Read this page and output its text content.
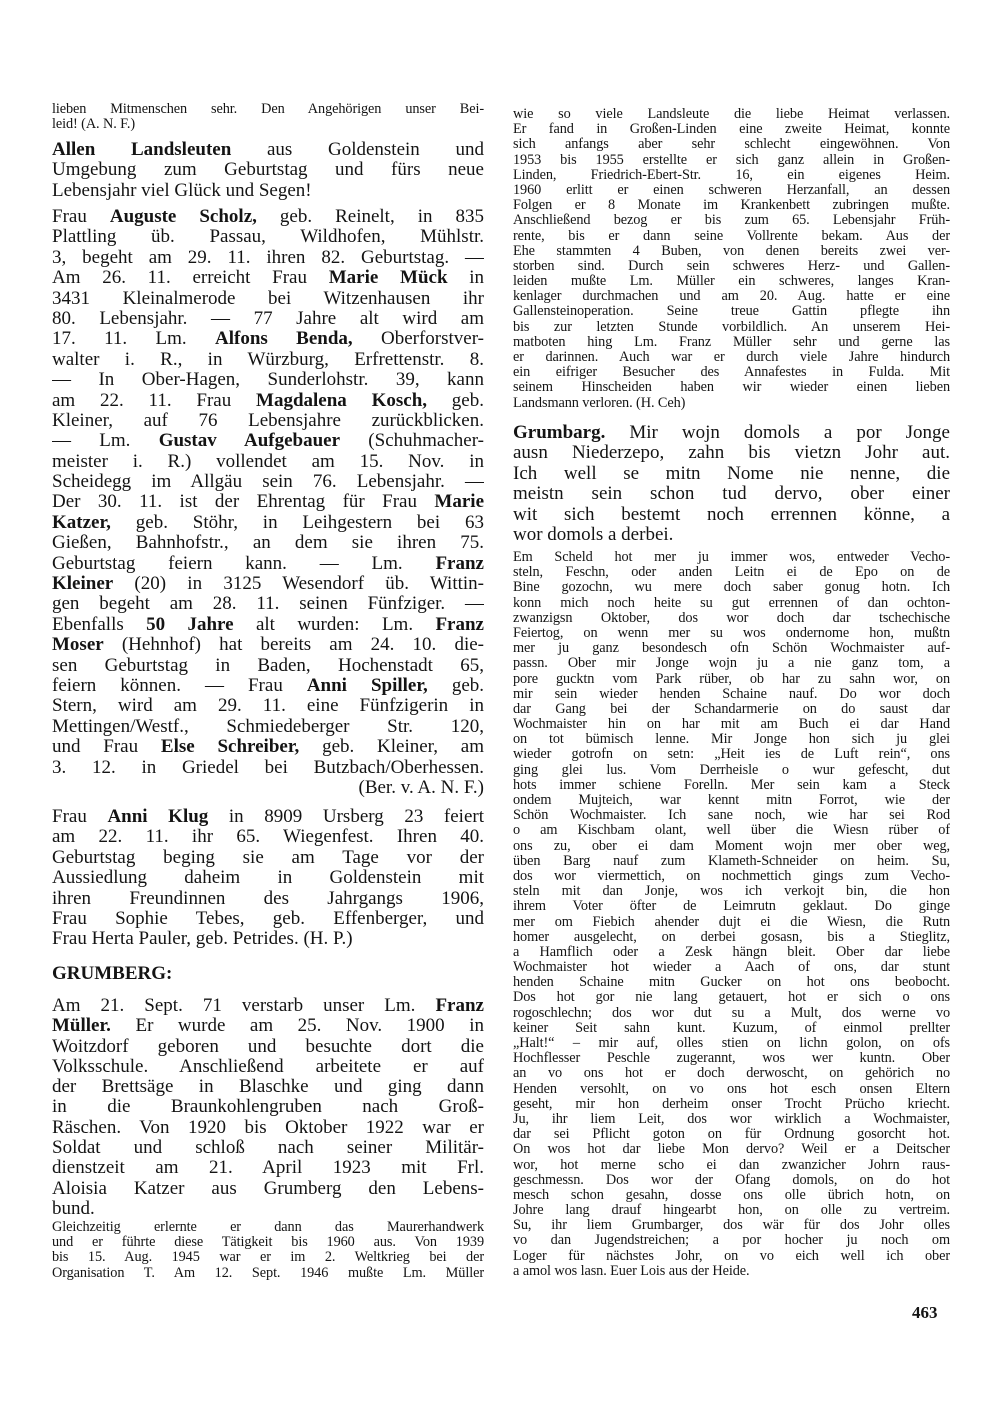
lieben Mitmenschen sehr. Den Angehörigen unser Bei-
leid! (A. N. F.)
Allen Landsleuten aus Goldenstein und
Umgebung zum Geburtstag und fürs neue
Lebensjahr viel Glück und Segen!
Frau Auguste Scholz, geb. Reinelt, in 835
Plattling üb. Passau, Wildhofen, Mühlstr.
3, begeht am 29. 11. ihren 82. Geburtstag. —
Am 26. 11. erreicht Frau Marie Mück in
3431 Kleinalmerode bei Witzenhausen ihr
80. Lebensjahr. — 77 Jahre alt wird am
17. 11. Lm. Alfons Benda, Oberforstver-
walter i. R., in Würzburg, Erfrettenstr. 8.
— In Ober-Hagen, Sunderlohstr. 39, kann
am 22. 11. Frau Magdalena Kosch, geb.
Kleiner, auf 76 Lebensjahre zurückblicken.
— Lm. Gustav Aufgebauer (Schuhmacher-
meister i. R.) vollendet am 15. Nov. in
Scheidegg im Allgäu sein 76. Lebensjahr. —
Der 30. 11. ist der Ehrentag für Frau Marie
Katzer, geb. Stöhr, in Leihgestern bei 63
Gießen, Bahnhofstr., an dem sie ihren 75.
Geburtstag feiern kann. — Lm. Franz
Kleiner (20) in 3125 Wesendorf üb. Wittin-
gen begeht am 28. 11. seinen Fünfziger. —
Ebenfalls 50 Jahre alt wurden: Lm. Franz
Moser (Hehnhof) hat bereits am 24. 10. die-
sen Geburtstag in Baden, Hochenstadt 65,
feiern können. — Frau Anni Spiller, geb.
Stern, wird am 29. 11. eine Fünfzigerin in
Mettingen/Westf., Schmiedeberger Str. 120,
und Frau Else Schreiber, geb. Kleiner, am
3. 12. in Griedel bei Butzbach/Oberhessen.
(Ber. v. A. N. F.)
Frau Anni Klug in 8909 Ursberg 23 feiert
am 22. 11. ihr 65. Wiegenfest. Ihren 40.
Geburtstag beging sie am Tage vor der
Aussiedlung daheim in Goldenstein mit
ihren Freundinnen des Jahrgangs 1906,
Frau Sophie Tebes, geb. Effenberger, und
Frau Herta Pauler, geb. Petrides. (H. P.)
GRUMBERG:
Am 21. Sept. 71 verstarb unser Lm. Franz
Müller. Er wurde am 25. Nov. 1900 in
Woitzdorf geboren und besuchte dort die
Volksschule. Anschließend arbeitete er auf
der Brettsäge in Blaschke und ging dann
in die Braunkohlengruben nach Groß-
Räschen. Von 1920 bis Oktober 1922 war er
Soldat und schloß nach seiner Militär-
dienstzeit am 21. April 1923 mit Frl.
Aloisia Katzer aus Grumberg den Lebens-
bund.
Gleichzeitig erlernte er dann das Maurerhandwerk
und er führte diese Tätigkeit bis 1960 aus. Von 1939
bis 15. Aug. 1945 war er im 2. Weltkrieg bei der
Organisation T. Am 12. Sept. 1946 mußte Lm. Müller
wie so viele Landsleute die liebe Heimat verlassen.
Er fand in Großen-Linden eine zweite Heimat, konnte
sich anfangs aber sehr schlecht eingewöhnen. Von
1953 bis 1955 erstellte er sich ganz allein in Großen-
Linden, Friedrich-Ebert-Str. 16, ein eigenes Heim.
1960 erlitt er einen schweren Herzanfall, an dessen
Folgen er 8 Monate im Krankenbett zubringen mußte.
Anschließend bezog er bis zum 65. Lebensjahr Früh-
rente, bis er dann seine Vollrente bekam. Aus der
Ehe stammten 4 Buben, von denen bereits zwei ver-
storben sind. Durch sein schweres Herz- und Gallen-
leiden mußte Lm. Müller ein schweres, langes Kran-
kenlager durchmachen und am 20. Aug. hatte er eine
Gallensteinoperation. Seine treue Gattin pflegte ihn
bis zur letzten Stunde vorbildlich. An unserem Hei-
matboten hing Lm. Franz Müller sehr und gerne las
er darinnen. Auch war er durch viele Jahre hindurch
ein eifriger Besucher des Annafestes in Fulda. Mit
seinem Hinscheiden haben wir wieder einen lieben
Landsmann verloren. (H. Ceh)
Grumbarg. Mir wojn domols a por Jonge
ausn Niederzepo, zahn bis vietzn Johr aut.
Ich well se mitn Nome nie nenne, die
meistn sein schon tud dervo, ober einer
wit sich bestemt noch errennen könne, a
wor domols a derbei.
Em Scheld hot mer ju immer wos, entweder Vecho-
steln, Feschn, oder anden Leitn ei de Epo on de
Bine gozochn, wu mere doch saber gonug hotn. Ich
konn mich noch heite su gut errennen of dan ochton-
zwanzigsn Oktober, dos wor doch dar tschechische
Feiertog, on wenn mer su wos ondernome hon, mußtn
mer ju ganz besondesch ofn Schön Wochmaister auf-
passn. Ober mir Jonge wojn ju a nie ganz tom, a
pore gucktn vom Park rüber, ob har zu sahn wor, on
mir sein wieder henden Schaine nauf. Do wor doch
dar Gang bei der Schandarmerie on do saust dar
Wochmaister hin on har mit am Buch ei dar Hand
on tot bümisch lenne. Mir Jonge hon sich ju glei
wieder gotrofn on setn: „Heit ies de Luft rein“, ons
ging glei lus. Vom Derrheisle o wur gefescht, dut
hots immer schiene Forelln. Mer sein kam a Steck
ondem Mujteich, war kennt mitn Forrot, wie der
Schön Wochmaister. Ich sane noch, wie har sei Rod
o am Kischbam olant, well über die Wiesn rüber of
ons zu, ober ei dam Moment wojn mer ober weg,
üben Barg nauf zum Klameth-Schneider on heim. Su,
dos wor viermettich, on nochmettich gings zum Vecho-
steln mit dan Jonje, wos ich verkojt bin, die hon
ihrem Voter öfter de Leimrutn geklaut. Do ginge
mer om Fiebich ahender dujt ei die Wiesn, die Rutn
homer ausgelecht, on derbei gosasn, bis a Stieglitz,
a Hamflich oder a Zesk hängn bleit. Ober dar liebe
Wochmaister hot wieder a Aach of ons, dar stunt
henden Schaine mitn Gucker on hot ons beobocht.
Dos hot gor nie lang getauert, hot er sich o ons
rogoschlechn; dos wor dut su a Mult, dos werne vo
keiner Seit sahn kunt. Kuzum, of einmol prellter
„Halt!“ – mir auf, olles stien on lichn golon, on ofs
Hochflesser Peschle zugerannt, wos wer kuntn. Ober
an vo ons hot er doch derwoscht, on gehörich no
Henden versohlt, on vo ons hot esch onsen Eltern
geseht, mir hon derheim onser Trocht Prücho kriecht.
Ju, ihr liem Leit, dos wor wirklich a Wochmaister,
dar sei Pflicht goton on für Ordnung gosorcht hot.
On wos hot dar liebe Mon dervo? Weil er a Deitscher
wor, hot merne scho ei dan zwanzicher Johrn raus-
geschmessn. Dos wor der Ofang domols, on do hot
mesch schon gesahn, dosse ons olle übrich hotn, on
Johre lang drauf hingearbt hon, on olle zu vertreim.
Su, ihr liem Grumbarger, dos wär für dos Johr olles
vo dan Jugendstreichen; a por hocher ju noch om
Loger für nächstes Johr, on vo eich well ich ober
a amol wos lasn. Euer Lois aus der Heide.
463
